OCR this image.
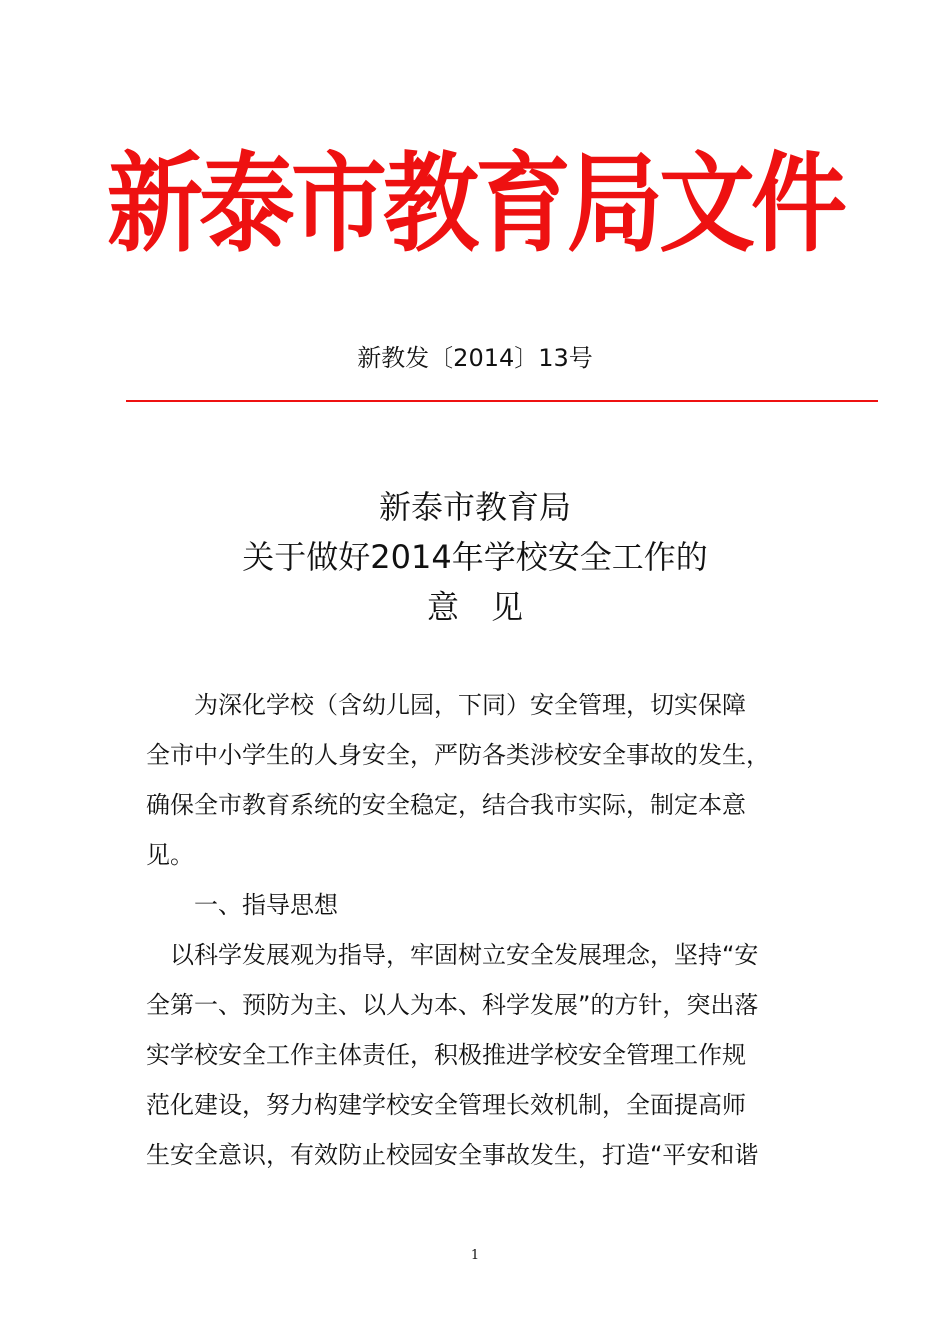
新泰市教育局文件
新教发〔2014〕13号
新泰市教育局
关于做好2014年学校安全工作的
意　见
　　为深化学校（含幼儿园，下同）安全管理，切实保障
全市中小学生的人身安全，严防各类涉校安全事故的发生，
确保全市教育系统的安全稳定，结合我市实际，制定本意
见。
　　一、指导思想
　以科学发展观为指导，牢固树立安全发展理念，坚持“安
全第一、预防为主、以人为本、科学发展”的方针，突出落
实学校安全工作主体责任，积极推进学校安全管理工作规
范化建设，努力构建学校安全管理长效机制，全面提高师
生安全意识，有效防止校园安全事故发生，打造“平安和谐
1
